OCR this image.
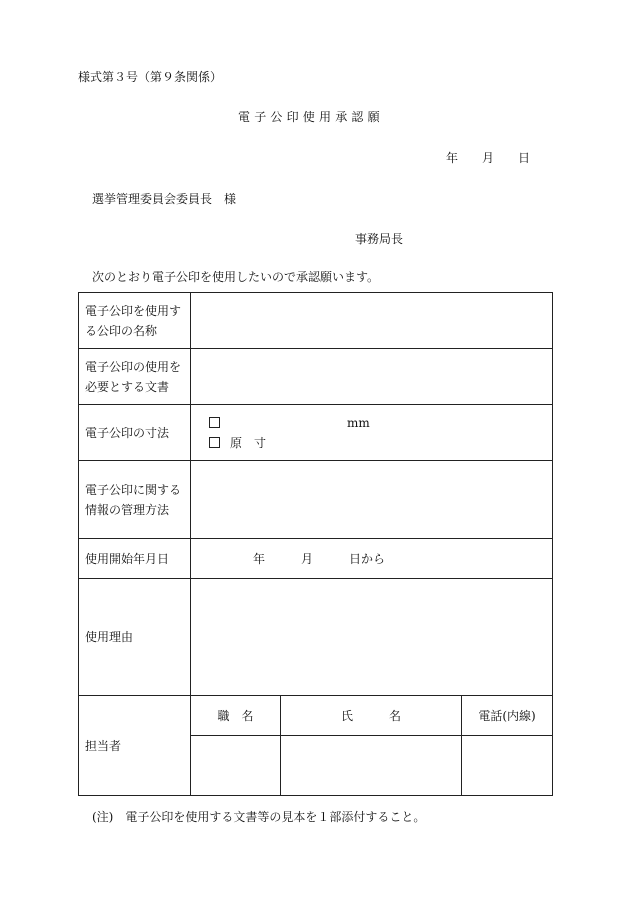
様式第３号（第９条関係）
電子公印使用承認願
年 月 日
選挙管理委員会委員長　様
事務局長
次のとおり電子公印を使用したいので承認願います。
電子公印を使用す
る公印の名称			

電子公印の使用を
必要とする文書			

電子公印の寸法	mm
原　寸		

電子公印に関する
情報の管理方法			

使用開始年月日	年 月 日から		
使用理由			
担当者	職　名	氏　　　名	電話(内線)

(注) 電子公印を使用する文書等の見本を１部添付すること。
